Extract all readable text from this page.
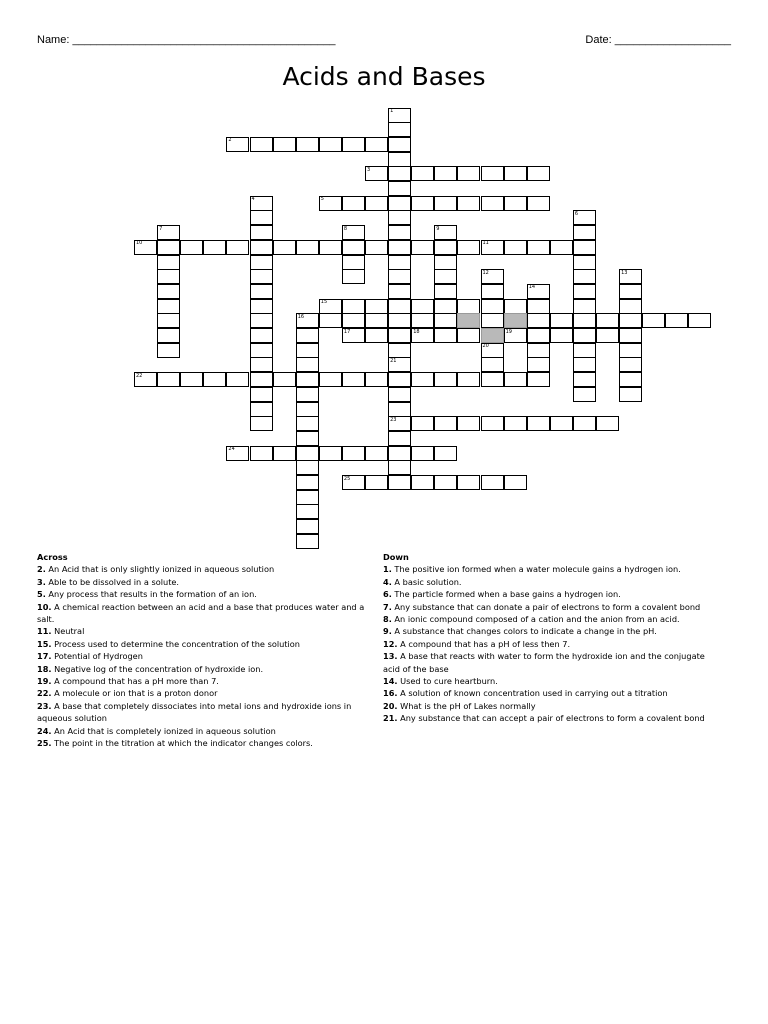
Name: ___________________________________________	Date: ___________________
Acids and Bases
1
2
3
4	5
6
7	8	9
10	11
12	13
14
15
16
17	18	19
20
21
22
23
24
25
Across
2. An Acid that is only slightly ionized in aqueous solution
3. Able to be dissolved in a solute.
5. Any process that results in the formation of an ion.
10. A chemical reaction between an acid and a base that produces water and a salt.
11. Neutral
15. Process used to determine the concentration of the solution
17. Potential of Hydrogen
18. Negative log of the concentration of hydroxide ion.
19. A compound that has a pH more than 7.
22. A molecule or ion that is a proton donor
23. A base that completely dissociates into metal ions and hydroxide ions in aqueous solution
24. An Acid that is completely ionized in aqueous solution
25. The point in the titration at which the indicator changes colors.
Down
1. The positive ion formed when a water molecule gains a hydrogen ion.
4. A basic solution.
6. The particle formed when a base gains a hydrogen ion.
7. Any substance that can donate a pair of electrons to form a covalent bond
8. An ionic compound composed of a cation and the anion from an acid.
9. A substance that changes colors to indicate a change in the pH.
12. A compound that has a pH of less then 7.
13. A base that reacts with water to form the hydroxide ion and the conjugate acid of the base
14. Used to cure heartburn.
16. A solution of known concentration used in carrying out a titration
20. What is the pH of Lakes normally
21. Any substance that can accept a pair of electrons to form a covalent bond
